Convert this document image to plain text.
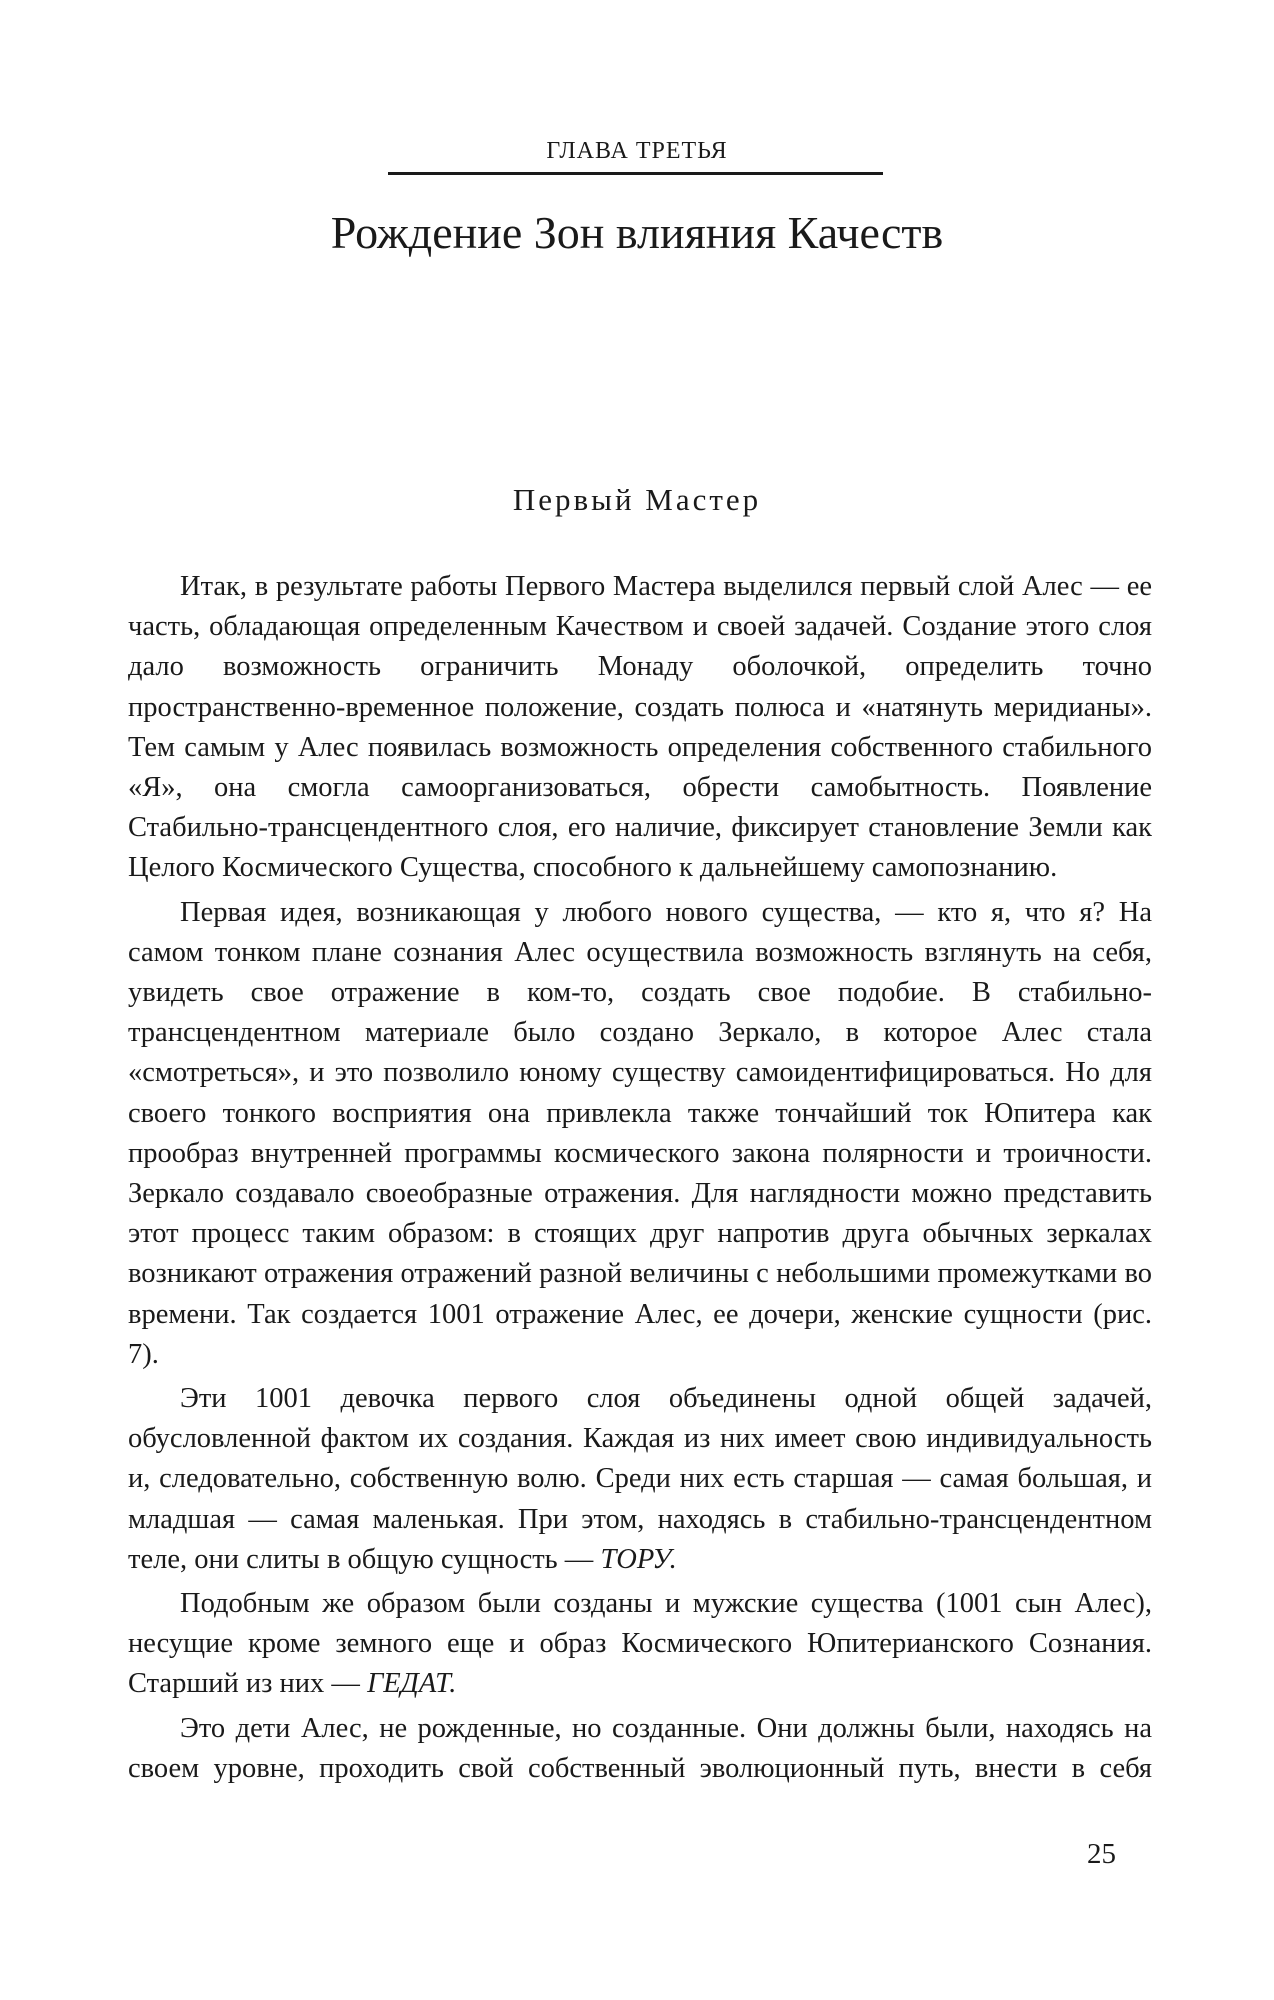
ГЛАВА ТРЕТЬЯ

Рождение Зон влияния Качеств
Первый Мастер

Итак, в результате работы Первого Мастера выделился первый слой Алес — ее часть, обладающая определенным Качеством и своей задачей. Создание этого слоя дало возможность ограничить Монаду оболочкой, определить точно пространственно-временное положение, создать полюса и «натянуть меридианы». Тем самым у Алес появилась возможность определения собственного стабильного «Я», она смогла самоорганизоваться, обрести самобытность. Появление Стабильно-трансцендентного слоя, его наличие, фиксирует становление Земли как Целого Космического Существа, способного к дальнейшему самопознанию.

Первая идея, возникающая у любого нового существа, — кто я, что я? На самом тонком плане сознания Алес осуществила возможность взглянуть на себя, увидеть свое отражение в ком-то, создать свое подобие. В стабильно-трансцендентном материале было создано Зеркало, в которое Алес стала «смотреться», и это позволило юному существу самоидентифицироваться. Но для своего тонкого восприятия она привлекла также тончайший ток Юпитера как прообраз внутренней программы космического закона полярности и троичности. Зеркало создавало своеобразные отражения. Для наглядности можно представить этот процесс таким образом: в стоящих друг напротив друга обычных зеркалах возникают отражения отражений разной величины с небольшими промежутками во времени. Так создается 1001 отражение Алес, ее дочери, женские сущности (рис. 7).

Эти 1001 девочка первого слоя объединены одной общей задачей, обусловленной фактом их создания. Каждая из них имеет свою индивидуальность и, следовательно, собственную волю. Среди них есть старшая — самая большая, и младшая — самая маленькая. При этом, находясь в стабильно-трансцендентном теле, они слиты в общую сущность — ТОРУ.

Подобным же образом были созданы и мужские существа (1001 сын Алес), несущие кроме земного еще и образ Космического Юпитерианского Сознания. Старший из них — ГЕДАТ.

Это дети Алес, не рожденные, но созданные. Они должны были, находясь на своем уровне, проходить свой собственный эволюционный путь, внести в себя

25
